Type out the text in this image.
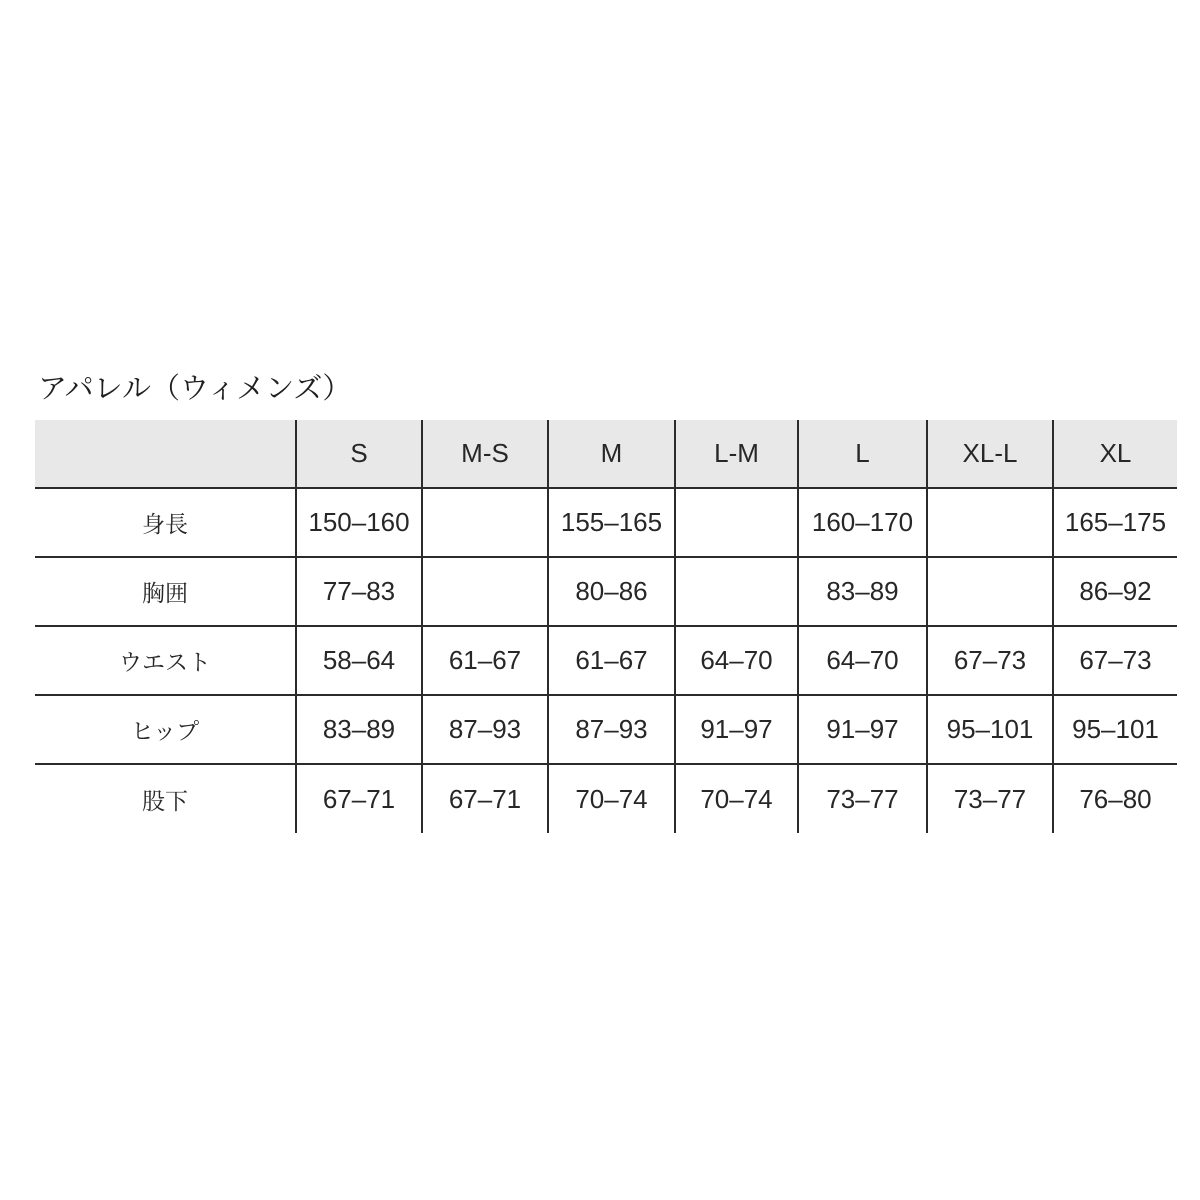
アパレル（ウィメンズ）
	S	M-S	M	L-M	L	XL-L	XL
身長	150–160		155–165		160–170		165–175
胸囲	77–83		80–86		83–89		86–92
ウエスト	58–64	61–67	61–67	64–70	64–70	67–73	67–73
ヒップ	83–89	87–93	87–93	91–97	91–97	95–101	95–101
股下	67–71	67–71	70–74	70–74	73–77	73–77	76–80
